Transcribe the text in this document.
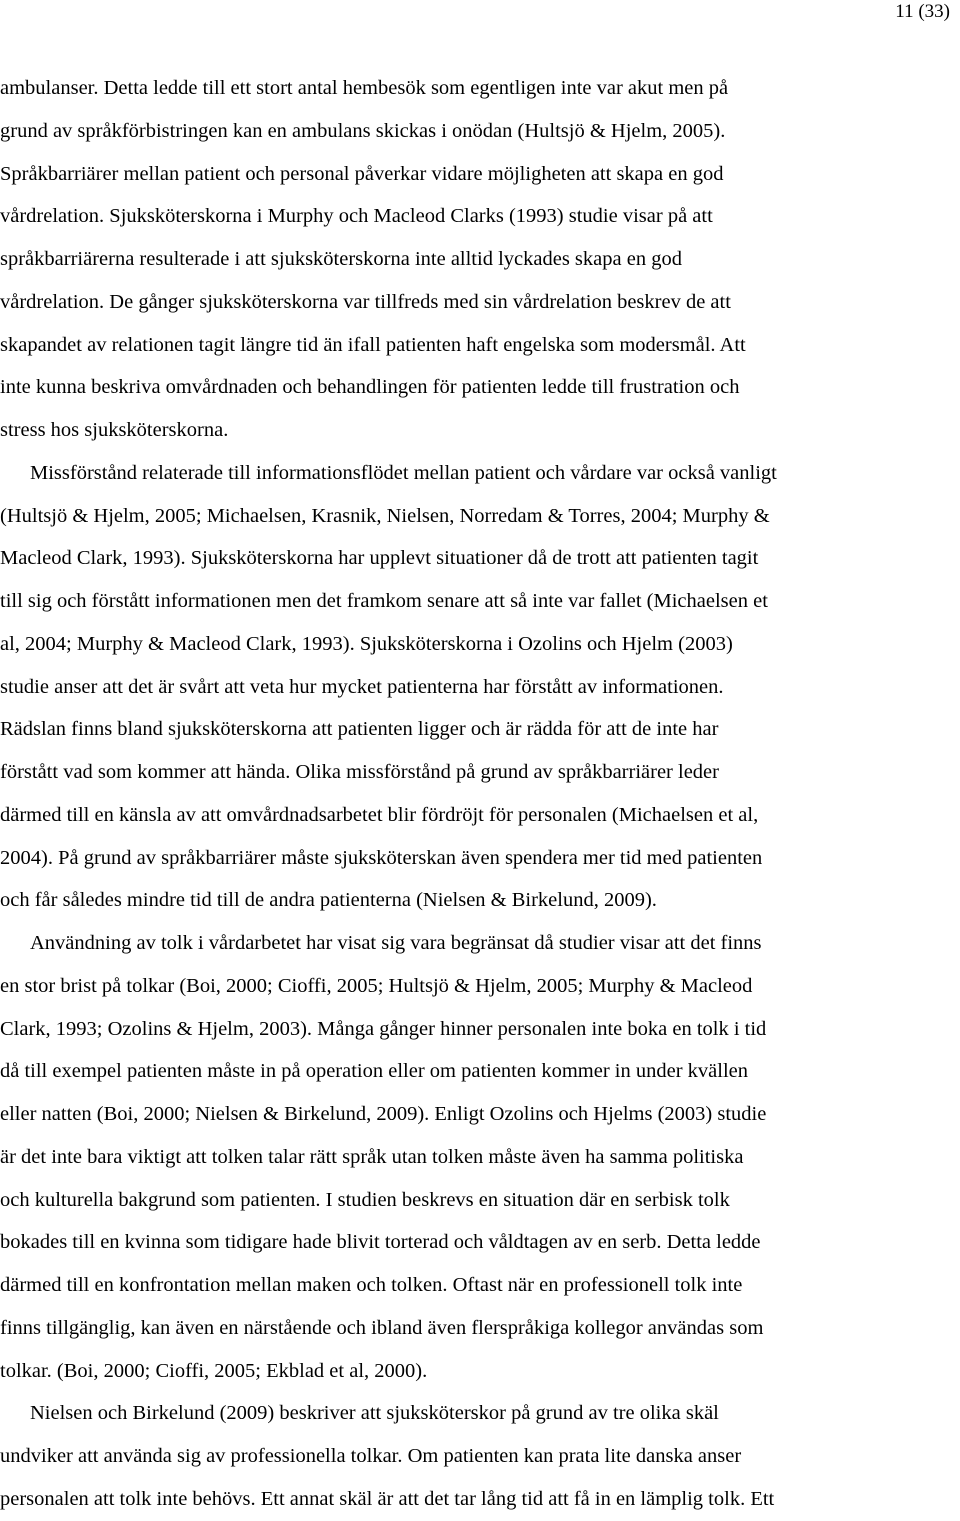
11 (33)
ambulanser. Detta ledde till ett stort antal hembesök som egentligen inte var akut men på
grund av språkförbistringen kan en ambulans skickas i onödan (Hultsjö & Hjelm, 2005).
Språkbarriärer mellan patient och personal påverkar vidare möjligheten att skapa en god
vårdrelation. Sjuksköterskorna i Murphy och Macleod Clarks (1993) studie visar på att
språkbarriärerna resulterade i att sjuksköterskorna inte alltid lyckades skapa en god
vårdrelation. De gånger sjuksköterskorna var tillfreds med sin vårdrelation beskrev de att
skapandet av relationen tagit längre tid än ifall patienten haft engelska som modersmål. Att
inte kunna beskriva omvårdnaden och behandlingen för patienten ledde till frustration och
stress hos sjuksköterskorna.
Missförstånd relaterade till informationsflödet mellan patient och vårdare var också vanligt
(Hultsjö & Hjelm, 2005; Michaelsen, Krasnik, Nielsen, Norredam & Torres, 2004; Murphy &
Macleod Clark, 1993). Sjuksköterskorna har upplevt situationer då de trott att patienten tagit
till sig och förstått informationen men det framkom senare att så inte var fallet (Michaelsen et
al, 2004; Murphy & Macleod Clark, 1993). Sjuksköterskorna i Ozolins och Hjelm (2003)
studie anser att det är svårt att veta hur mycket patienterna har förstått av informationen.
Rädslan finns bland sjuksköterskorna att patienten ligger och är rädda för att de inte har
förstått vad som kommer att hända. Olika missförstånd på grund av språkbarriärer leder
därmed till en känsla av att omvårdnadsarbetet blir fördröjt för personalen (Michaelsen et al,
2004). På grund av språkbarriärer måste sjuksköterskan även spendera mer tid med patienten
och får således mindre tid till de andra patienterna (Nielsen & Birkelund, 2009).
Användning av tolk i vårdarbetet har visat sig vara begränsat då studier visar att det finns
en stor brist på tolkar (Boi, 2000; Cioffi, 2005; Hultsjö & Hjelm, 2005; Murphy & Macleod
Clark, 1993; Ozolins & Hjelm, 2003). Många gånger hinner personalen inte boka en tolk i tid
då till exempel patienten måste in på operation eller om patienten kommer in under kvällen
eller natten (Boi, 2000; Nielsen & Birkelund, 2009). Enligt Ozolins och Hjelms (2003) studie
är det inte bara viktigt att tolken talar rätt språk utan tolken måste även ha samma politiska
och kulturella bakgrund som patienten. I studien beskrevs en situation där en serbisk tolk
bokades till en kvinna som tidigare hade blivit torterad och våldtagen av en serb. Detta ledde
därmed till en konfrontation mellan maken och tolken. Oftast när en professionell tolk inte
finns tillgänglig, kan även en närstående och ibland även flerspråkiga kollegor användas som
tolkar. (Boi, 2000; Cioffi, 2005; Ekblad et al, 2000).
Nielsen och Birkelund (2009) beskriver att sjuksköterskor på grund av tre olika skäl
undviker att använda sig av professionella tolkar. Om patienten kan prata lite danska anser
personalen att tolk inte behövs. Ett annat skäl är att det tar lång tid att få in en lämplig tolk. Ett
